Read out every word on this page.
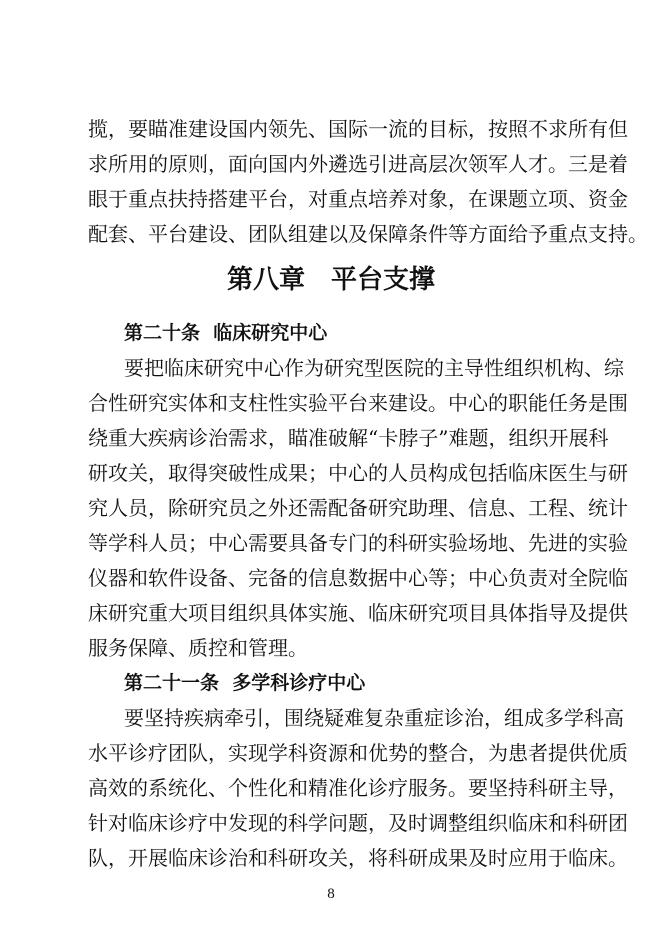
揽，要瞄准建设国内领先、国际一流的目标，按照不求所有但
求所用的原则，面向国内外遴选引进高层次领军人才。三是着
眼于重点扶持搭建平台，对重点培养对象，在课题立项、资金
配套、平台建设、团队组建以及保障条件等方面给予重点支持。
第八章　平台支撑
第二十条  临床研究中心
要把临床研究中心作为研究型医院的主导性组织机构、综
合性研究实体和支柱性实验平台来建设。中心的职能任务是围
绕重大疾病诊治需求，瞄准破解“卡脖子”难题，组织开展科
研攻关，取得突破性成果；中心的人员构成包括临床医生与研
究人员，除研究员之外还需配备研究助理、信息、工程、统计
等学科人员；中心需要具备专门的科研实验场地、先进的实验
仪器和软件设备、完备的信息数据中心等；中心负责对全院临
床研究重大项目组织具体实施、临床研究项目具体指导及提供
服务保障、质控和管理。
第二十一条  多学科诊疗中心
要坚持疾病牵引，围绕疑难复杂重症诊治，组成多学科高
水平诊疗团队，实现学科资源和优势的整合，为患者提供优质
高效的系统化、个性化和精准化诊疗服务。要坚持科研主导，
针对临床诊疗中发现的科学问题，及时调整组织临床和科研团
队，开展临床诊治和科研攻关，将科研成果及时应用于临床。
8
